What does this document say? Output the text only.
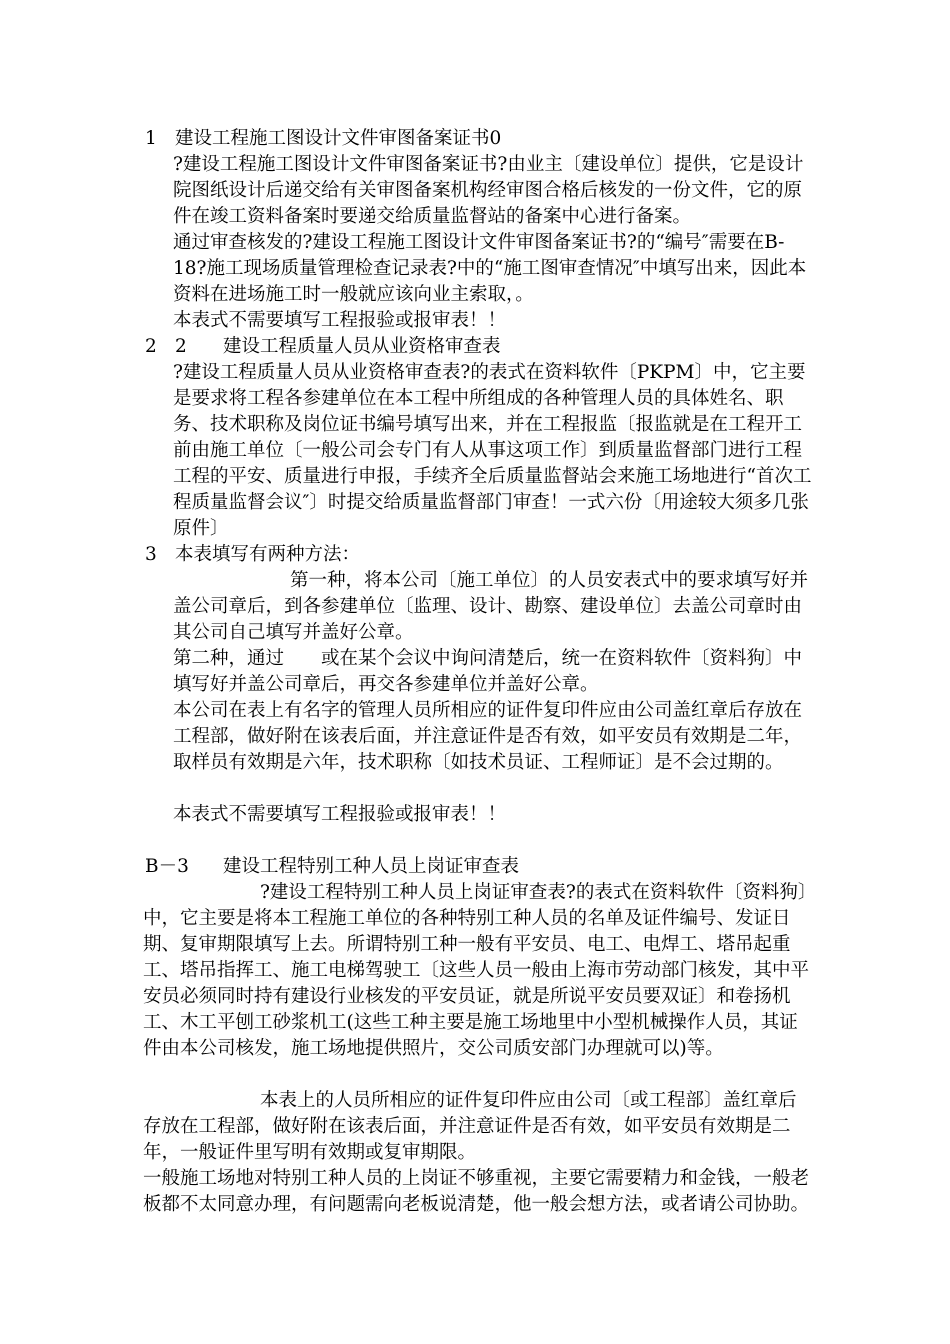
1 建设工程施工图设计文件审图备案证书0
?建设工程施工图设计文件审图备案证书?由业主〔建设单位〕提供，它是设计院图纸设计后递交给有关审图备案机构经审图合格后核发的一份文件，它的原件在竣工资料备案时要递交给质量监督站的备案中心进行备案。
通过审查核发的?建设工程施工图设计文件审图备案证书?的“编号″需要在B-18?施工现场质量管理检查记录表?中的“施工图审查情况″中填写出来，因此本资料在进场施工时一般就应该向业主索取，。
本表式不需要填写工程报验或报审表！！
2 2 建设工程质量人员从业资格审查表
?建设工程质量人员从业资格审查表?的表式在资料软件〔PKPM〕中，它主要是要求将工程各参建单位在本工程中所组成的各种管理人员的具体姓名、职务、技术职称及岗位证书编号填写出来，并在工程报监〔报监就是在工程开工前由施工单位〔一般公司会专门有人从事这项工作〕到质量监督部门进行工程工程的平安、质量进行申报，手续齐全后质量监督站会来施工场地进行“首次工程质量监督会议″〕时提交给质量监督部门审查！一式六份〔用途较大须多几张原件〕
3 本表填写有两种方法：
第一种，将本公司〔施工单位〕的人员安表式中的要求填写好并盖公司章后，到各参建单位〔监理、设计、勘察、建设单位〕去盖公司章时由其公司自己填写并盖好公章。
第二种，通过　　或在某个会议中询问清楚后，统一在资料软件〔资料狗〕中填写好并盖公司章后，再交各参建单位并盖好公章。
本公司在表上有名字的管理人员所相应的证件复印件应由公司盖红章后存放在工程部，做好附在该表后面，并注意证件是否有效，如平安员有效期是二年，取样员有效期是六年，技术职称〔如技术员证、工程师证〕是不会过期的。
本表式不需要填写工程报验或报审表！！
B－3 建设工程特别工种人员上岗证审查表
?建设工程特别工种人员上岗证审查表?的表式在资料软件〔资料狗〕中，它主要是将本工程施工单位的各种特别工种人员的名单及证件编号、发证日期、复审期限填写上去。所谓特别工种一般有平安员、电工、电焊工、塔吊起重工、塔吊指挥工、施工电梯驾驶工〔这些人员一般由上海市劳动部门核发，其中平安员必须同时持有建设行业核发的平安员证，就是所说平安员要双证〕和卷扬机工、木工平刨工砂浆机工(这些工种主要是施工场地里中小型机械操作人员，其证件由本公司核发，施工场地提供照片，交公司质安部门办理就可以)等。
本表上的人员所相应的证件复印件应由公司〔或工程部〕盖红章后存放在工程部，做好附在该表后面，并注意证件是否有效，如平安员有效期是二年，一般证件里写明有效期或复审期限。
一般施工场地对特别工种人员的上岗证不够重视，主要它需要精力和金钱，一般老板都不太同意办理，有问题需向老板说清楚，他一般会想方法，或者请公司协助。
